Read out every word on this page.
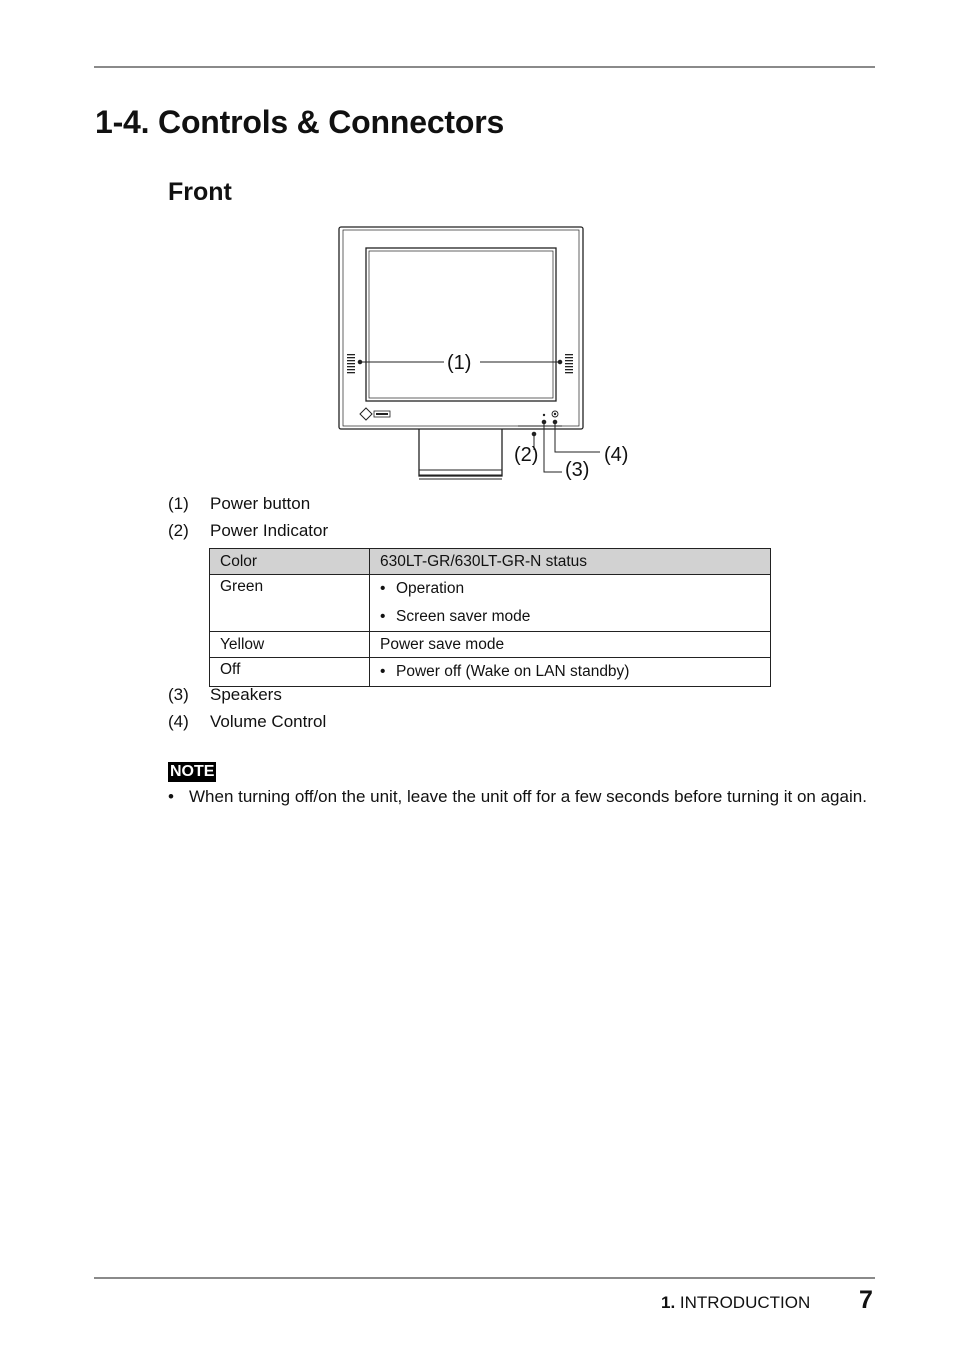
1-4. Controls & Connectors
Front
(1)
(2)
(3)
(4)
(1) Power button
(2) Power Indicator
Color	630LT-GR/630LT-GR-N status

Green	• Operation
• Screen saver mode

Yellow	Power save mode

Off	• Power off (Wake on LAN standby)
(3) Speakers
(4) Volume Control
NOTE
• When turning off/on the unit, leave the unit off for a few seconds before turning it on again.
1. INTRODUCTION 7
